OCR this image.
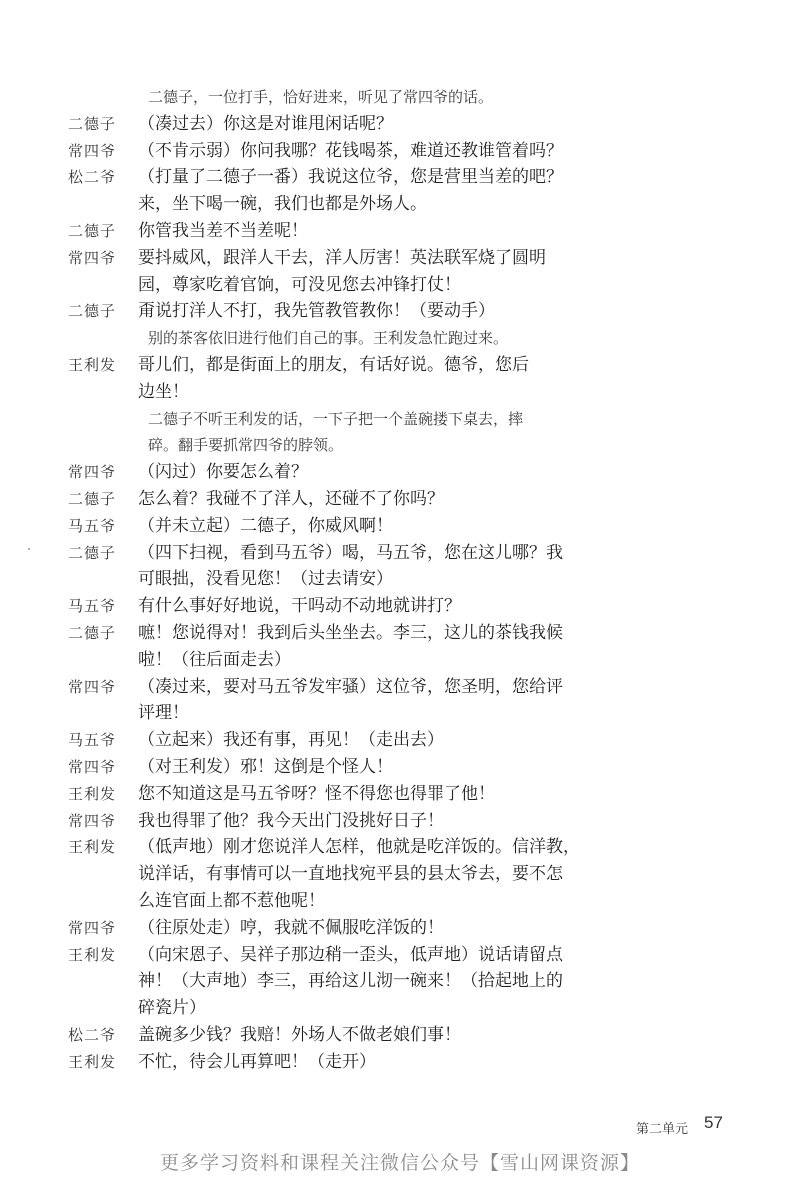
二德子，一位打手，恰好进来，听见了常四爷的话。
二德子 （凑过去）你这是对谁甩闲话呢？
常四爷 （不肯示弱）你问我哪？花钱喝茶，难道还教谁管着吗？
松二爷 （打量了二德子一番）我说这位爷，您是营里当差的吧？
来，坐下喝一碗，我们也都是外场人。
二德子 你管我当差不当差呢！
常四爷 要抖威风，跟洋人干去，洋人厉害！英法联军烧了圆明
园，尊家吃着官饷，可没见您去冲锋打仗！
二德子 甭说打洋人不打，我先管教管教你！（要动手）
别的茶客依旧进行他们自己的事。王利发急忙跑过来。
王利发 哥儿们，都是街面上的朋友，有话好说。德爷，您后
边坐！
二德子不听王利发的话，一下子把一个盖碗搂下桌去，摔
碎。翻手要抓常四爷的脖领。
常四爷 （闪过）你要怎么着？
二德子 怎么着？我碰不了洋人，还碰不了你吗？
马五爷 （并未立起）二德子，你威风啊！
二德子 （四下扫视，看到马五爷）喝，马五爷，您在这儿哪？我
可眼拙，没看见您！（过去请安）
马五爷 有什么事好好地说，干吗动不动地就讲打？
二德子 嗻！您说得对！我到后头坐坐去。李三，这儿的茶钱我候
啦！（往后面走去）
常四爷 （凑过来，要对马五爷发牢骚）这位爷，您圣明，您给评
评理！
马五爷 （立起来）我还有事，再见！（走出去）
常四爷 （对王利发）邪！这倒是个怪人！
王利发 您不知道这是马五爷呀？怪不得您也得罪了他！
常四爷 我也得罪了他？我今天出门没挑好日子！
王利发 （低声地）刚才您说洋人怎样，他就是吃洋饭的。信洋教，
说洋话，有事情可以一直地找宛平县的县太爷去，要不怎
么连官面上都不惹他呢！
常四爷 （往原处走）哼，我就不佩服吃洋饭的！
王利发 （向宋恩子、吴祥子那边稍一歪头，低声地）说话请留点
神！（大声地）李三，再给这儿沏一碗来！（拾起地上的
碎瓷片）
松二爷 盖碗多少钱？我赔！外场人不做老娘们事！
王利发 不忙，待会儿再算吧！（走开）
第二单元 57
更多学习资料和课程关注微信公众号【雪山网课资源】
